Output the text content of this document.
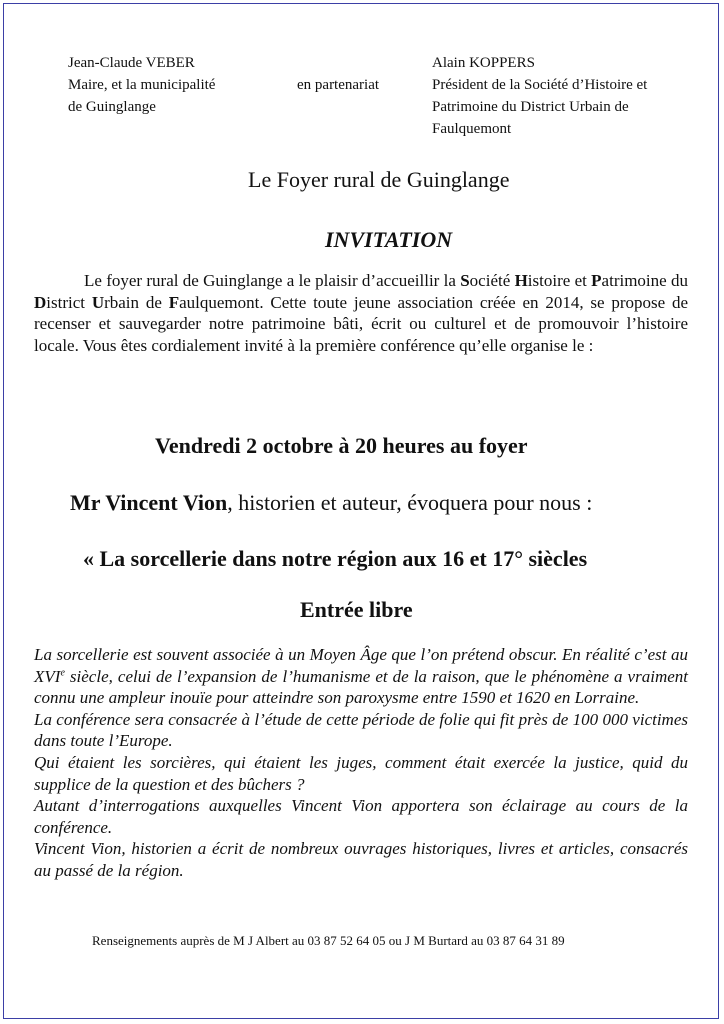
Jean-Claude VEBER
Maire, et la municipalité
de Guinglange
en partenariat
Alain KOPPERS
Président de la Société d’Histoire et
Patrimoine du District Urbain de
Faulquemont
Le Foyer rural de Guinglange
INVITATION
Le foyer rural de Guinglange a le plaisir d’accueillir la Société Histoire et Patrimoine du District Urbain de Faulquemont. Cette toute jeune association créée en 2014, se propose de recenser et sauvegarder notre patrimoine bâti, écrit ou culturel et de promouvoir l’histoire locale. Vous êtes cordialement invité à la première conférence qu’elle organise le :
Vendredi 2 octobre à 20 heures au foyer
Mr Vincent Vion, historien et auteur, évoquera pour nous :
« La sorcellerie dans notre région aux 16 et 17° siècles
Entrée libre

La sorcellerie est souvent associée à un Moyen Âge que l’on prétend obscur. En réalité c’est au XVIe siècle, celui de l’expansion de l’humanisme et de la raison, que le phénomène a vraiment connu une ampleur inouïe pour atteindre son paroxysme entre 1590 et 1620 en Lorraine.

La conférence sera consacrée à l’étude de cette période de folie qui fit près de 100 000 victimes dans toute l’Europe.

Qui étaient les sorcières, qui étaient les juges, comment était exercée la justice, quid du supplice de la question et des bûchers ?

Autant d’interrogations auxquelles Vincent Vion apportera son éclairage au cours de la conférence.

Vincent Vion, historien a écrit de nombreux ouvrages historiques, livres et articles, consacrés au passé de la région.

Renseignements auprès de M J Albert au 03 87 52 64 05 ou J M Burtard au 03 87 64 31 89
